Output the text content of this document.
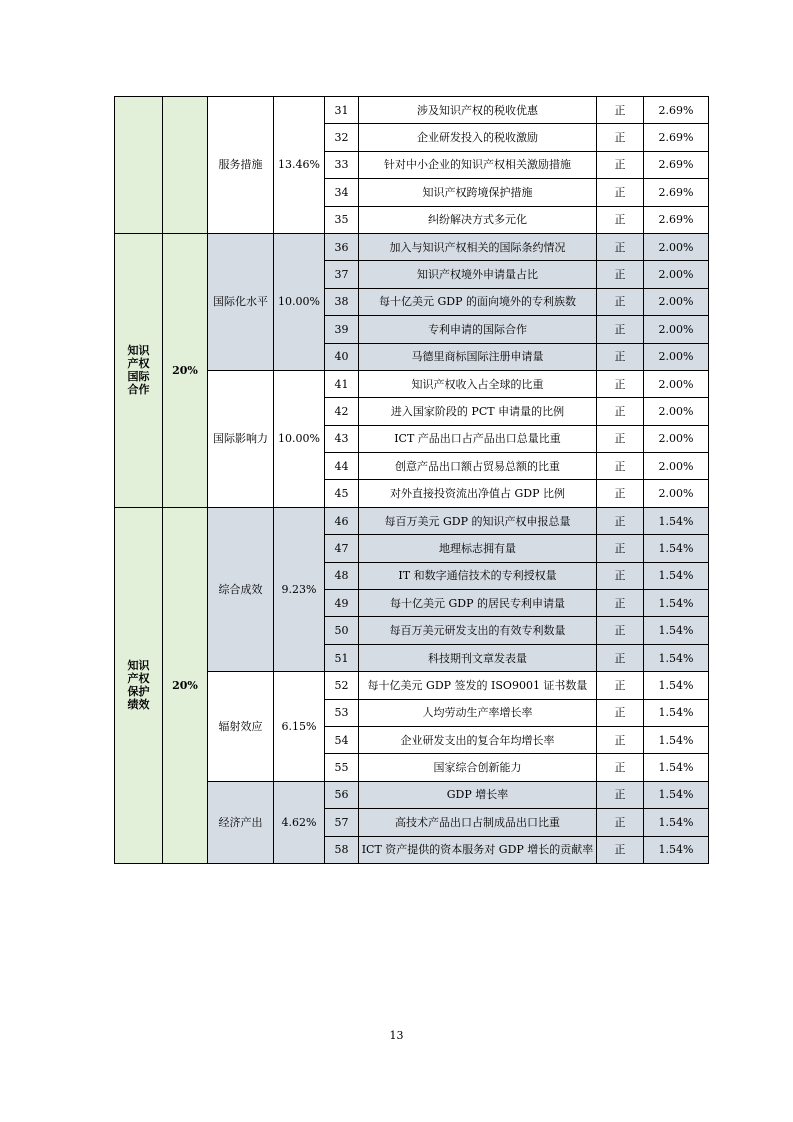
		服务措施	13.46%	31	涉及知识产权的税收优惠	正	2.69%
				32	企业研发投入的税收激励	正	2.69%
				33	针对中小企业的知识产权相关激励措施	正	2.69%
				34	知识产权跨境保护措施	正	2.69%
				35	纠纷解决方式多元化	正	2.69%
知识
产权
国际
合作	20%	国际化水平	10.00%	36	加入与知识产权相关的国际条约情况	正	2.00%
				37	知识产权境外申请量占比	正	2.00%
				38	每十亿美元 GDP 的面向境外的专利族数	正	2.00%
				39	专利申请的国际合作	正	2.00%
				40	马德里商标国际注册申请量	正	2.00%
		国际影响力	10.00%	41	知识产权收入占全球的比重	正	2.00%
				42	进入国家阶段的 PCT 申请量的比例	正	2.00%
				43	ICT 产品出口占产品出口总量比重	正	2.00%
				44	创意产品出口额占贸易总额的比重	正	2.00%
				45	对外直接投资流出净值占 GDP 比例	正	2.00%
知识
产权
保护
绩效	20%	综合成效	9.23%	46	每百万美元 GDP 的知识产权申报总量	正	1.54%
				47	地理标志拥有量	正	1.54%
				48	IT 和数字通信技术的专利授权量	正	1.54%
				49	每十亿美元 GDP 的居民专利申请量	正	1.54%
				50	每百万美元研发支出的有效专利数量	正	1.54%
				51	科技期刊文章发表量	正	1.54%
		辐射效应	6.15%	52	每十亿美元 GDP 签发的 ISO9001 证书数量	正	1.54%
				53	人均劳动生产率增长率	正	1.54%
				54	企业研发支出的复合年均增长率	正	1.54%
				55	国家综合创新能力	正	1.54%
		经济产出	4.62%	56	GDP 增长率	正	1.54%
				57	高技术产品出口占制成品出口比重	正	1.54%
				58	ICT 资产提供的资本服务对 GDP 增长的贡献率	正	1.54%
13
